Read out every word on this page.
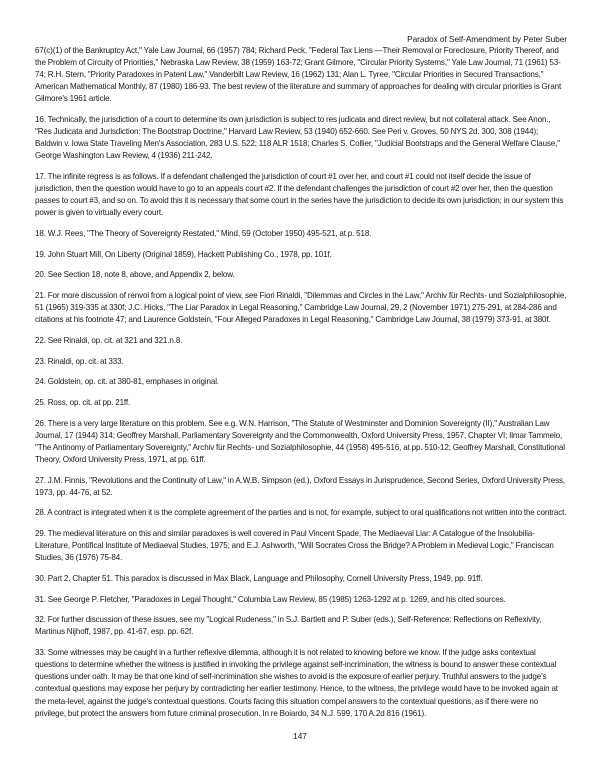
Paradox of Self-Amendment by Peter Suber

67(c)(1) of the Bankruptcy Act," Yale Law Journal, 66 (1957) 784; Richard Peck, "Federal Tax Liens —Their Removal or Foreclosure, Priority Thereof, and the Problem of Circuity of Priorities," Nebraska Law Review, 38 (1959) 163-72; Grant Gilmore, "Circular Priority Systems," Yale Law Journal, 71 (1961) 53-74; R.H. Stern, "Priority Paradoxes in Patent Law," Vanderbilt Law Review, 16 (1962) 131; Alan L. Tyree, "Circular Priorities in Secured Transactions," American Mathematical Monthly, 87 (1980) 186-93. The best review of the literature and summary of approaches for dealing with circular priorities is Grant Gilmore's 1961 article.

16. Technically, the jurisdiction of a court to determine its own jurisdiction is subject to res judicata and direct review, but not collateral attack. See Anon., "Res Judicata and Jurisdiction: The Bootstrap Doctrine," Harvard Law Review, 53 (1940) 652-660. See Peri v. Groves, 50 NYS 2d. 300, 308 (1944); Baldwin v. Iowa State Traveling Men's Association, 283 U.S. 522; 118 ALR 1518; Charles S. Collier, "Judicial Bootstraps and the General Welfare Clause," George Washington Law Review, 4 (1936) 211-242.

17. The infinite regress is as follows. If a defendant challenged the jurisdiction of court #1 over her, and court #1 could not itself decide the issue of jurisdiction, then the question would have to go to an appeals court #2. If the defendant challenges the jurisdiction of court #2 over her, then the question passes to court #3, and so on. To avoid this it is necessary that some court in the series have the jurisdiction to decide its own jurisdiction; in our system this power is given to virtually every court.

18. W.J. Rees, "The Theory of Sovereignty Restated," Mind, 59 (October 1950) 495-521, at p. 518.

19. John Stuart Mill, On Liberty (Original 1859), Hackett Publishing Co., 1978, pp. 101f.

20. See Section 18, note 8, above, and Appendix 2, below.

21. For more discussion of renvoi from a logical point of view, see Fiori Rinaldi, "Dilemmas and Circles in the Law," Archiv für Rechts- und Sozialphilosophie, 51 (1965) 319-335 at 330f; J.C. Hicks, "The Liar Paradox in Legal Reasoning," Cambridge Law Journal, 29, 2 (November 1971) 275-291, at 284-286 and citations at his footnote 47; and Laurence Goldstein, "Four Alleged Paradoxes in Legal Reasoning," Cambridge Law Journal, 38 (1979) 373-91, at 380f.

22. See Rinaldi, op. cit. at 321 and 321.n.8.

23. Rinaldi, op. cit. at 333.

24. Goldstein, op. cit. at 380-81, emphases in original.

25. Ross, op. cit. at pp. 21ff.

26. There is a very large literature on this problem. See e.g. W.N. Harrison, "The Statute of Westminster and Dominion Sovereignty (II)," Australian Law Journal, 17 (1944) 314; Geoffrey Marshall, Parliamentary Sovereignty and the Commonwealth, Oxford University Press, 1957, Chapter VI; Ilmar Tammelo, "The Antinomy of Parliamentary Sovereignty," Archiv für Rechts- und Sozialphilosophie, 44 (1958) 495-516, at pp. 510-12; Geoffrey Marshall, Constitutional Theory, Oxford University Press, 1971, at pp. 61ff.

27. J.M. Finnis, "Revolutions and the Continuity of Law," in A.W.B. Simpson (ed.), Oxford Essays in Jurisprudence, Second Series, Oxford University Press, 1973, pp. 44-76, at 52.

28. A contract is integrated when it is the complete agreement of the parties and is not, for example, subject to oral qualifications not written into the contract.

29. The medieval literature on this and similar paradoxes is well covered in Paul Vincent Spade, The Mediaeval Liar: A Catalogue of the Insolubilia-Literature, Pontifical Institute of Mediaeval Studies, 1975; and E.J. Ashworth, "Will Socrates Cross the Bridge? A Problem in Medieval Logic," Franciscan Studies, 36 (1976) 75-84.

30. Part 2, Chapter 51. This paradox is discussed in Max Black, Language and Philosophy, Cornell University Press, 1949, pp. 91ff.

31. See George P. Fletcher, "Paradoxes in Legal Thought," Columbia Law Review, 85 (1985) 1263-1292 at p. 1269, and his cited sources.

32. For further discussion of these issues, see my "Logical Rudeness," in S.J. Bartlett and P. Suber (eds.), Self-Reference: Reflections on Reflexivity, Martinus Nijhoff, 1987, pp. 41-67, esp. pp. 62f.

33. Some witnesses may be caught in a further reflexive dilemma, although it is not related to knowing before we know. If the judge asks contextual questions to determine whether the witness is justified in invoking the privilege against self-incrimination, the witness is bound to answer these contextual questions under oath. It may be that one kind of self-incrimination she wishes to avoid is the exposure of earlier perjury. Truthful answers to the judge's contextual questions may expose her perjury by contradicting her earlier testimony. Hence, to the witness, the privilege would have to be invoked again at the meta-level, against the judge's contextual questions. Courts facing this situation compel answers to the contextual questions, as if there were no privilege, but protect the answers from future criminal prosecution. In re Boiardo, 34 N.J. 599, 170 A.2d 816 (1961).

147
